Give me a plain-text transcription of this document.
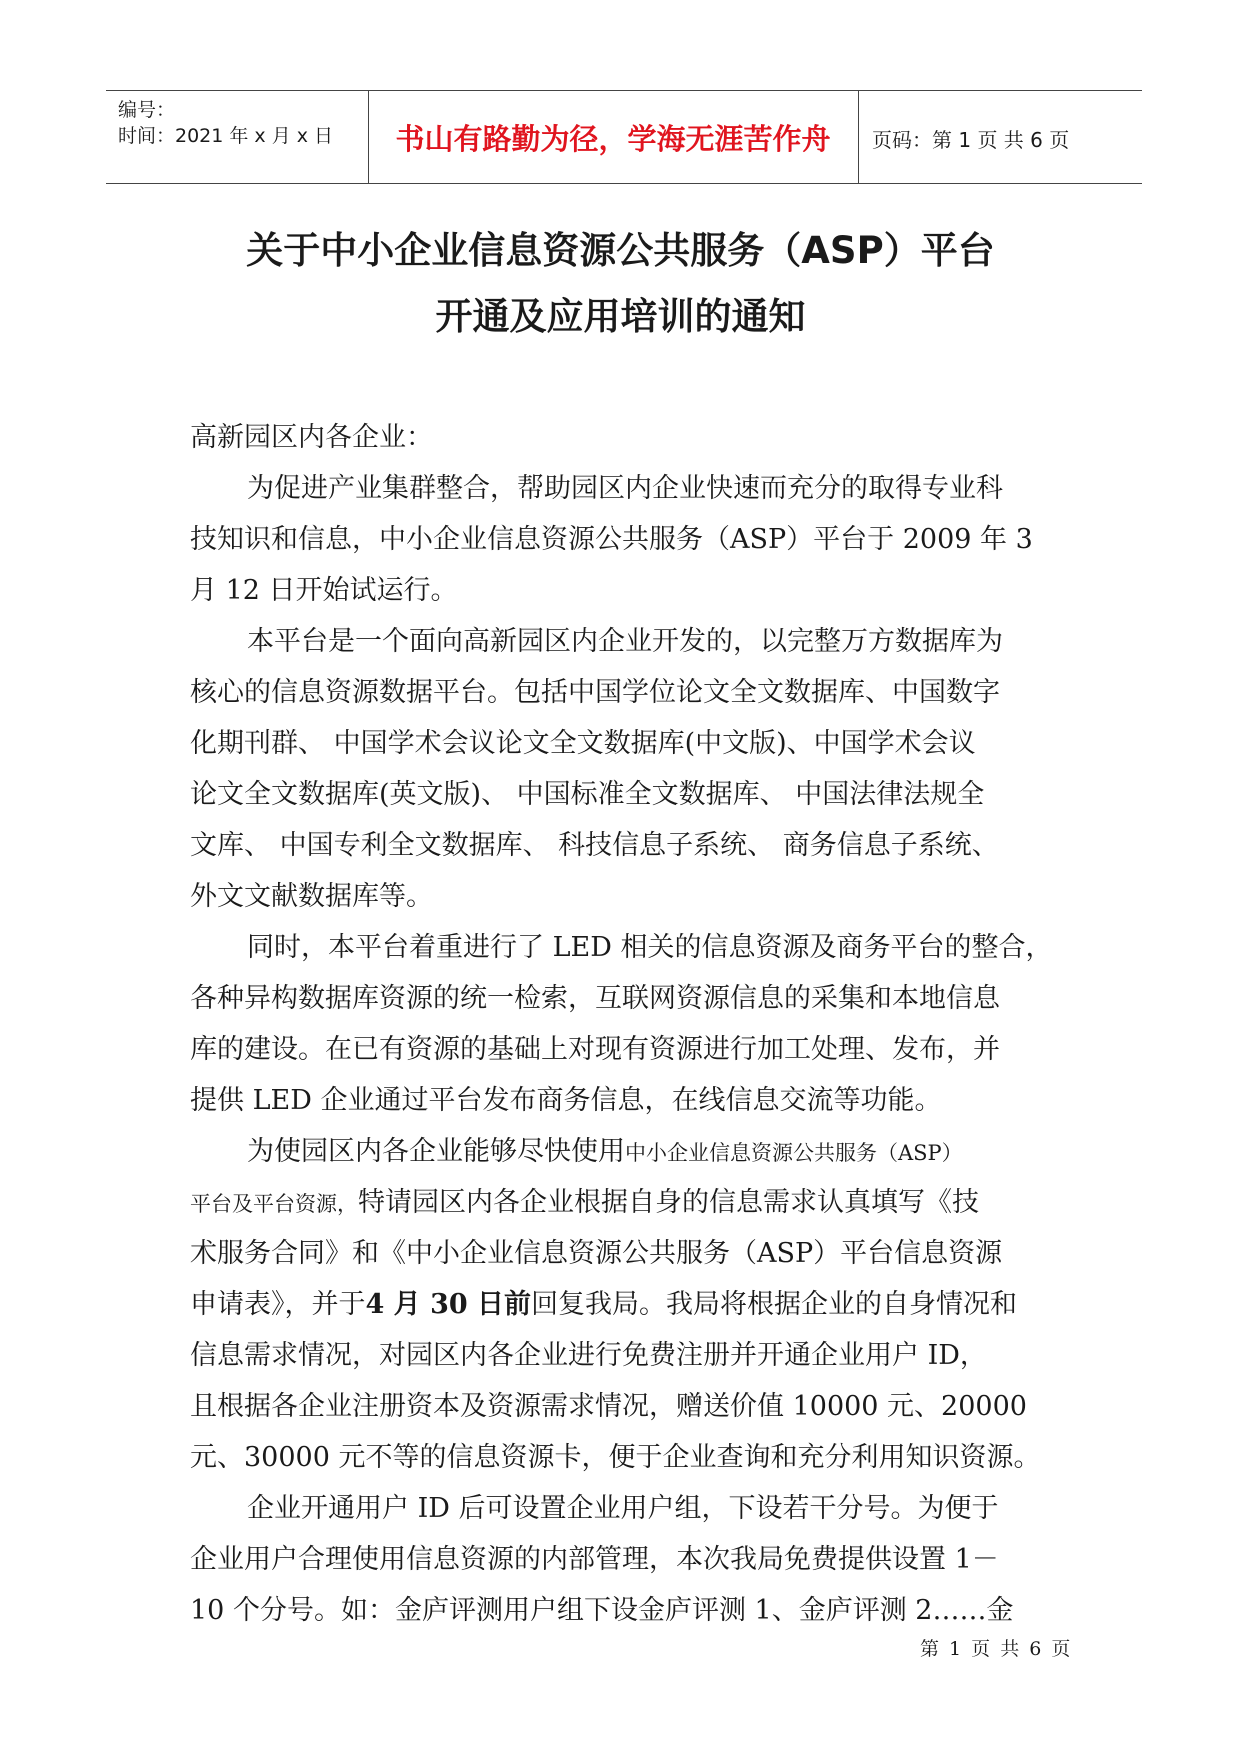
编号：
时间：2021 年 x 月 x 日	书山有路勤为径，学海无涯苦作舟	页码：第 1 页 共 6 页
关于中小企业信息资源公共服务（ASP）平台
开通及应用培训的通知
高新园区内各企业：
为促进产业集群整合，帮助园区内企业快速而充分的取得专业科
技知识和信息，中小企业信息资源公共服务（ASP）平台于 2009 年 3
月 12 日开始试运行。
本平台是一个面向高新园区内企业开发的，以完整万方数据库为
核心的信息资源数据平台。包括中国学位论文全文数据库、中国数字
化期刊群、 中国学术会议论文全文数据库(中文版)、中国学术会议
论文全文数据库(英文版)、 中国标准全文数据库、 中国法律法规全
文库、 中国专利全文数据库、 科技信息子系统、 商务信息子系统、
外文文献数据库等。
同时，本平台着重进行了 LED 相关的信息资源及商务平台的整合，
各种异构数据库资源的统一检索，互联网资源信息的采集和本地信息
库的建设。在已有资源的基础上对现有资源进行加工处理、发布，并
提供 LED 企业通过平台发布商务信息，在线信息交流等功能。
为使园区内各企业能够尽快使用中小企业信息资源公共服务（ASP）
平台及平台资源，特请园区内各企业根据自身的信息需求认真填写《技
术服务合同》和《中小企业信息资源公共服务（ASP）平台信息资源
申请表》，并于4 月 30 日前回复我局。我局将根据企业的自身情况和
信息需求情况，对园区内各企业进行免费注册并开通企业用户 ID，
且根据各企业注册资本及资源需求情况，赠送价值 10000 元、20000
元、30000 元不等的信息资源卡，便于企业查询和充分利用知识资源。
企业开通用户 ID 后可设置企业用户组，下设若干分号。为便于
企业用户合理使用信息资源的内部管理，本次我局免费提供设置 1－
10 个分号。如：金庐评测用户组下设金庐评测 1、金庐评测 2……金
第 1 页 共 6 页
